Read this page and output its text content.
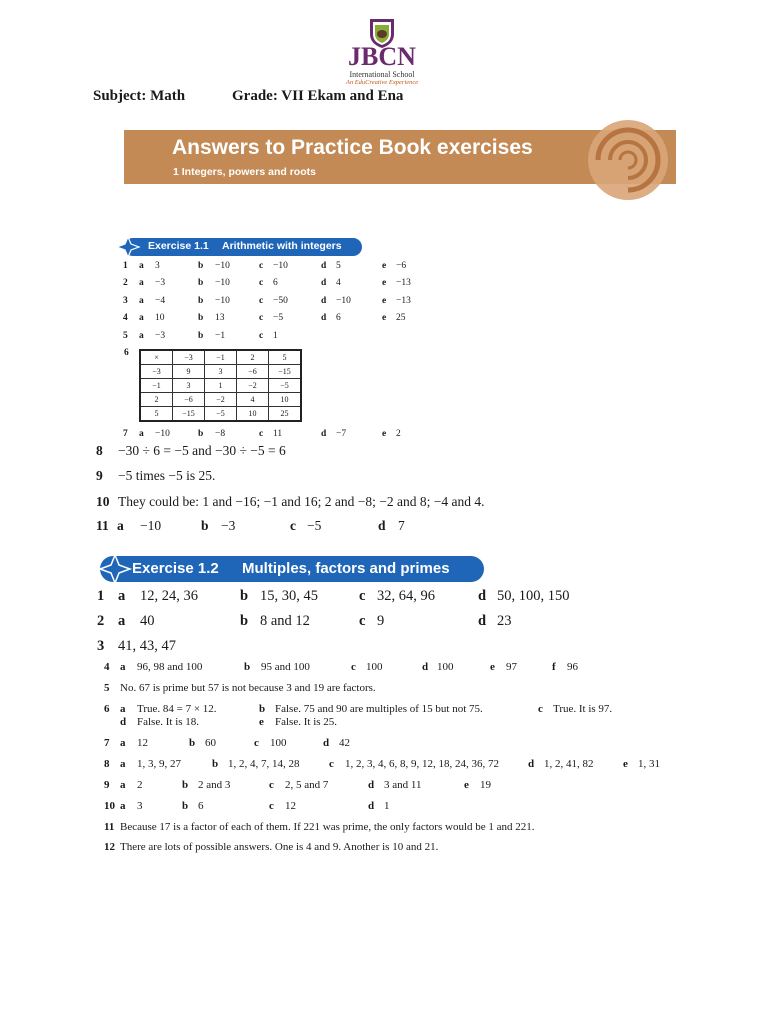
JBCN
International School
An EduCreative Experience
Subject: Math	Grade: VII Ekam and Ena
Answers to Practice Book exercises
1 Integers, powers and roots
Exercise 1.1 Arithmetic with integers
1 a 3	b −10	c −10	d 5	e −6
2 a −3	b −10	c 6	d 4	e −13
3 a −4	b −10	c −50	d −10	e −13
4 a 10	b 13	c −5	d 6	e 25
5 a −3	b −1	c 1
6	×	−3	−1	2	5
−3	9	3	−6	−15
−1	3	1	−2	−5
2	−6	−2	4	10
5	−15	−5	10	25
7 a −10	b −8	c 11	d −7	e 2
8 −30 ÷ 6 = −5 and −30 ÷ −5 = 6
9 −5 times −5 is 25.
10 They could be: 1 and −16; −1 and 16; 2 and −8; −2 and 8; −4 and 4.
11 a −10	b −3	c −5	d 7
Exercise 1.2 Multiples, factors and primes
1 a 12, 24, 36	b 15, 30, 45	c 32, 64, 96	d 50, 100, 150
2 a 40	b 8 and 12	c 9	d 23
3 41, 43, 47
4 a 96, 98 and 100	b 95 and 100	c 100	d 100	e 97	f 96
5 No. 67 is prime but 57 is not because 3 and 19 are factors.
6 a True. 84 = 7 × 12.	b False. 75 and 90 are multiples of 15 but not 75.	c True. It is 97.
d False. It is 18.	e False. It is 25.
7 a 12	b 60	c 100	d 42
8 a 1, 3, 9, 27	b 1, 2, 4, 7, 14, 28	c 1, 2, 3, 4, 6, 8, 9, 12, 18, 24, 36, 72	d 1, 2, 41, 82	e 1, 31
9 a 2	b 2 and 3	c 2, 5 and 7	d 3 and 11	e 19
10 a 3	b 6	c 12	d 1
11 Because 17 is a factor of each of them. If 221 was prime, the only factors would be 1 and 221.
12 There are lots of possible answers. One is 4 and 9. Another is 10 and 21.
